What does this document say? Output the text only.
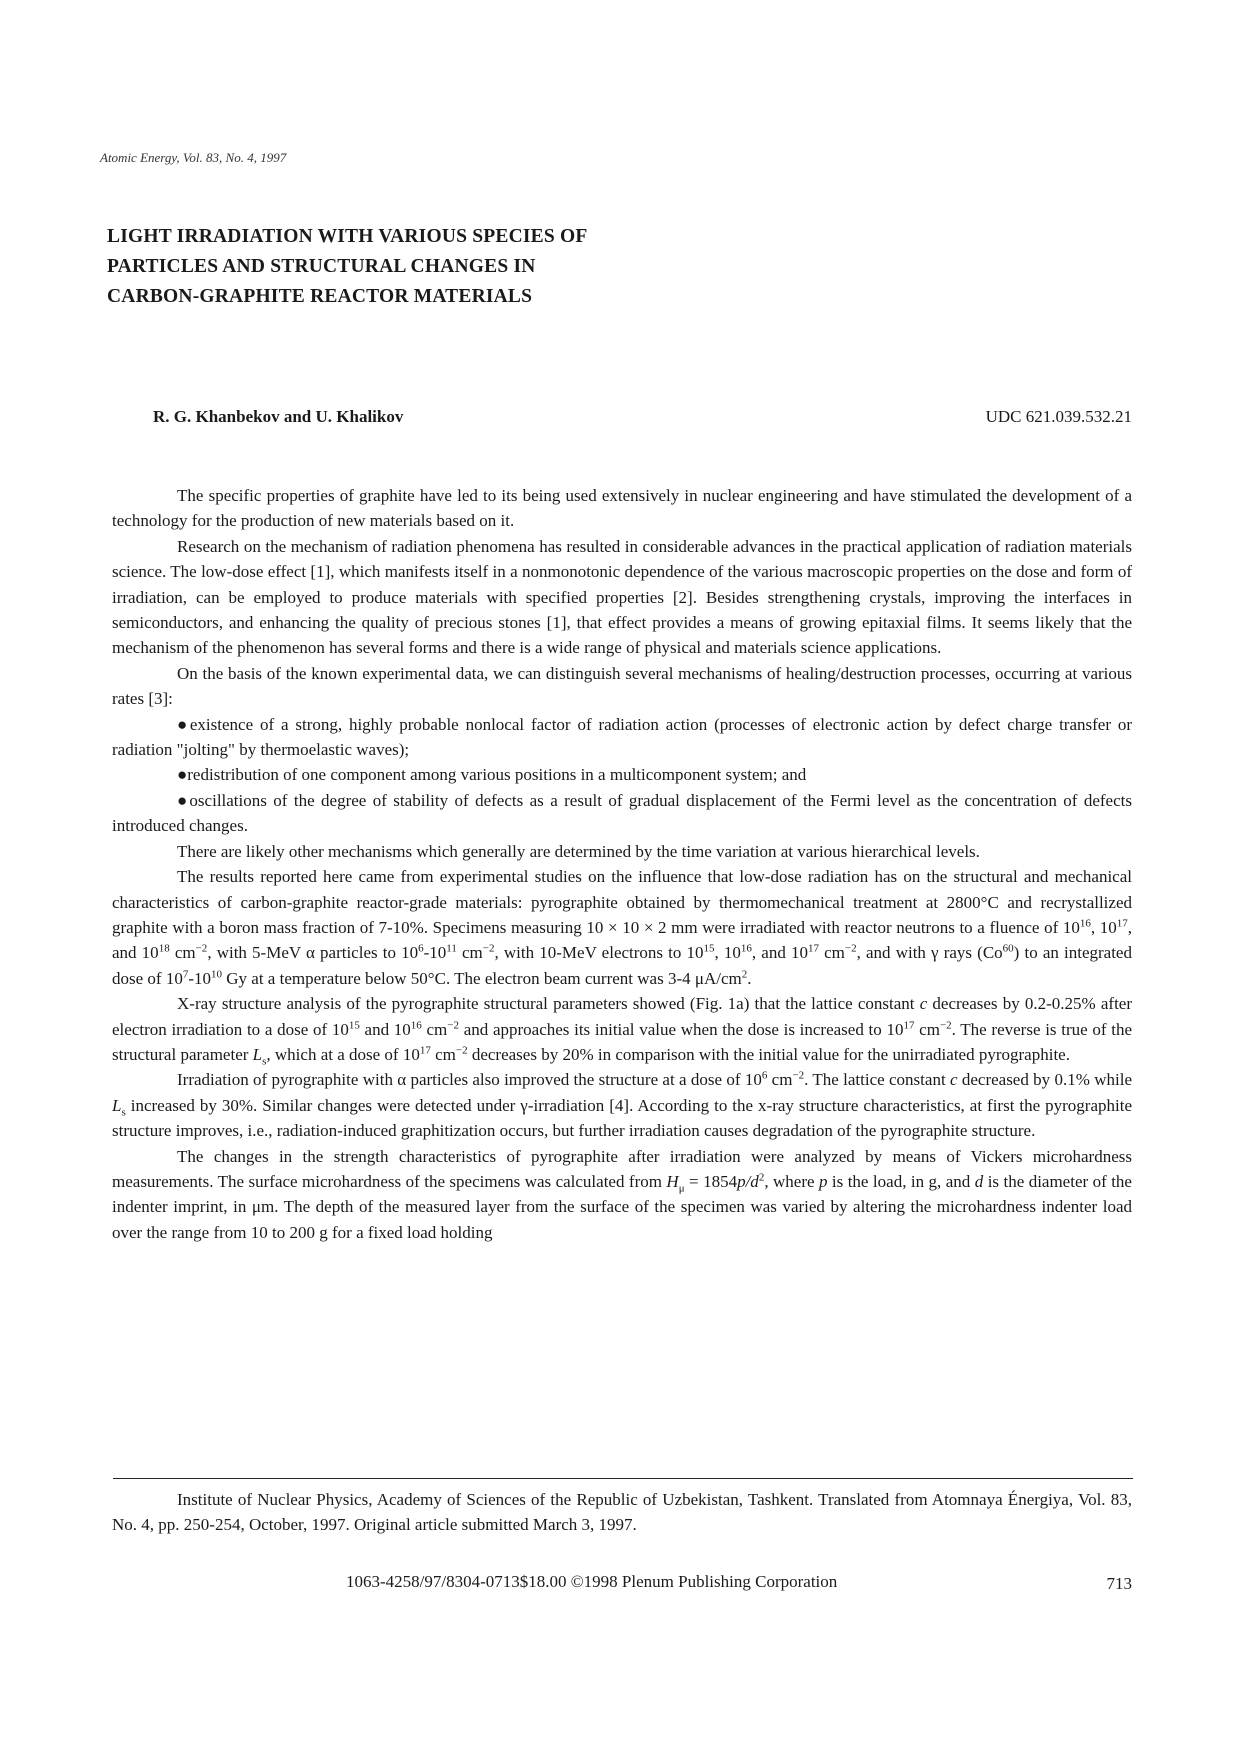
Atomic Energy, Vol. 83, No. 4, 1997
LIGHT IRRADIATION WITH VARIOUS SPECIES OF
PARTICLES AND STRUCTURAL CHANGES IN
CARBON-GRAPHITE REACTOR MATERIALS
R. G. Khanbekov and U. Khalikov	UDC 621.039.532.21

The specific properties of graphite have led to its being used extensively in nuclear engineering and have stimulated the development of a technology for the production of new materials based on it.

Research on the mechanism of radiation phenomena has resulted in considerable advances in the practical application of radiation materials science. The low-dose effect [1], which manifests itself in a nonmonotonic dependence of the various macroscopic properties on the dose and form of irradiation, can be employed to produce materials with specified properties [2]. Besides strengthening crystals, improving the interfaces in semiconductors, and enhancing the quality of precious stones [1], that effect provides a means of growing epitaxial films. It seems likely that the mechanism of the phenomenon has several forms and there is a wide range of physical and materials science applications.

On the basis of the known experimental data, we can distinguish several mechanisms of healing/destruction processes, occurring at various rates [3]:

●existence of a strong, highly probable nonlocal factor of radiation action (processes of electronic action by defect charge transfer or radiation "jolting" by thermoelastic waves);

●redistribution of one component among various positions in a multicomponent system; and

●oscillations of the degree of stability of defects as a result of gradual displacement of the Fermi level as the concentration of defects introduced changes.

There are likely other mechanisms which generally are determined by the time variation at various hierarchical levels.

The results reported here came from experimental studies on the influence that low-dose radiation has on the structural and mechanical characteristics of carbon-graphite reactor-grade materials: pyrographite obtained by thermomechanical treatment at 2800°C and recrystallized graphite with a boron mass fraction of 7-10%. Specimens measuring 10 × 10 × 2 mm were irradiated with reactor neutrons to a fluence of $10^{16}$, $10^{17}$, and $10^{18}$ $cm^{-2}$, with 5-MeV α particles to $10^6-10^{11}$ $cm^{-2}$, with 10-MeV electrons to $10^{15}$, $10^{16}$, and $10^{17}$ $cm^{-2}$, and with γ rays (Co$^{60}$) to an integrated dose of $10^7-10^{10}$ Gy at a temperature below 50°C. The electron beam current was 3-4 $\mu A/cm^2$.

X-ray structure analysis of the pyrographite structural parameters showed (Fig. 1a) that the lattice constant c decreases by 0.2-0.25% after electron irradiation to a dose of $10^{15}$ and $10^{16}$ $cm^{-2}$ and approaches its initial value when the dose is increased to $10^{17}$ $cm^{-2}$. The reverse is true of the structural parameter $L_s$, which at a dose of $10^{17}$ $cm^{-2}$ decreases by 20% in comparison with the initial value for the unirradiated pyrographite.

Irradiation of pyrographite with α particles also improved the structure at a dose of $10^6$ $cm^{-2}$. The lattice constant c decreased by 0.1% while $L_s$ increased by 30%. Similar changes were detected under γ-irradiation [4]. According to the x-ray structure characteristics, at first the pyrographite structure improves, i.e., radiation-induced graphitization occurs, but further irradiation causes degradation of the pyrographite structure.

The changes in the strength characteristics of pyrographite after irradiation were analyzed by means of Vickers microhardness measurements. The surface microhardness of the specimens was calculated from $H_\mu = 1854p/d^2$, where p is the load, in g, and d is the diameter of the indenter imprint, in μm. The depth of the measured layer from the surface of the specimen was varied by altering the microhardness indenter load over the range from 10 to 200 g for a fixed load holding

Institute of Nuclear Physics, Academy of Sciences of the Republic of Uzbekistan, Tashkent. Translated from Atomnaya Énergiya, Vol. 83, No. 4, pp. 250-254, October, 1997. Original article submitted March 3, 1997.

1063-4258/97/8304-0713$18.00 ©1998 Plenum Publishing Corporation	713
